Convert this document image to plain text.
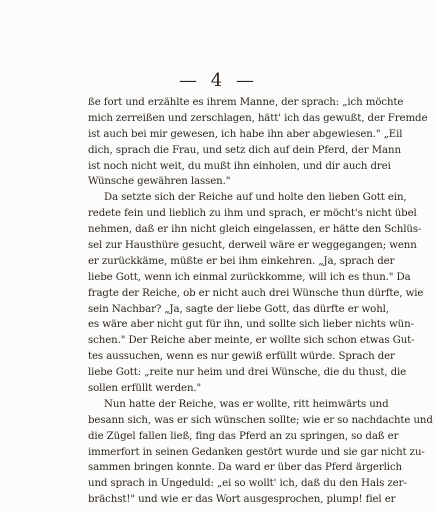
— 4 —
ße fort und erzählte es ihrem Manne, der sprach: „ich möchte
mich zerreißen und zerschlagen, hätt' ich das gewußt, der Fremde
ist auch bei mir gewesen, ich habe ihn aber abgewiesen." „Eil
dich, sprach die Frau, und setz dich auf dein Pferd, der Mann
ist noch nicht weit, du mußt ihn einholen, und dir auch drei
Wünsche gewähren lassen."
Da setzte sich der Reiche auf und holte den lieben Gott ein,
redete fein und lieblich zu ihm und sprach, er möcht's nicht übel
nehmen, daß er ihn nicht gleich eingelassen, er hätte den Schlüs-
sel zur Hausthüre gesucht, derweil wäre er weggegangen; wenn
er zurückkäme, müßte er bei ihm einkehren. „Ja, sprach der
liebe Gott, wenn ich einmal zurückkomme, will ich es thun." Da
fragte der Reiche, ob er nicht auch drei Wünsche thun dürfte, wie
sein Nachbar? „Ja, sagte der liebe Gott, das dürfte er wohl,
es wäre aber nicht gut für ihn, und sollte sich lieber nichts wün-
schen." Der Reiche aber meinte, er wollte sich schon etwas Gut-
tes aussuchen, wenn es nur gewiß erfüllt würde. Sprach der
liebe Gott: „reite nur heim und drei Wünsche, die du thust, die
sollen erfüllt werden."
Nun hatte der Reiche, was er wollte, ritt heimwärts und
besann sich, was er sich wünschen sollte; wie er so nachdachte und
die Zügel fallen ließ, fing das Pferd an zu springen, so daß er
immerfort in seinen Gedanken gestört wurde und sie gar nicht zu-
sammen bringen konnte. Da ward er über das Pferd ärgerlich
und sprach in Ungeduld: „ei so wollt' ich, daß du den Hals zer-
brächst!" und wie er das Wort ausgesprochen, plump! fiel er
